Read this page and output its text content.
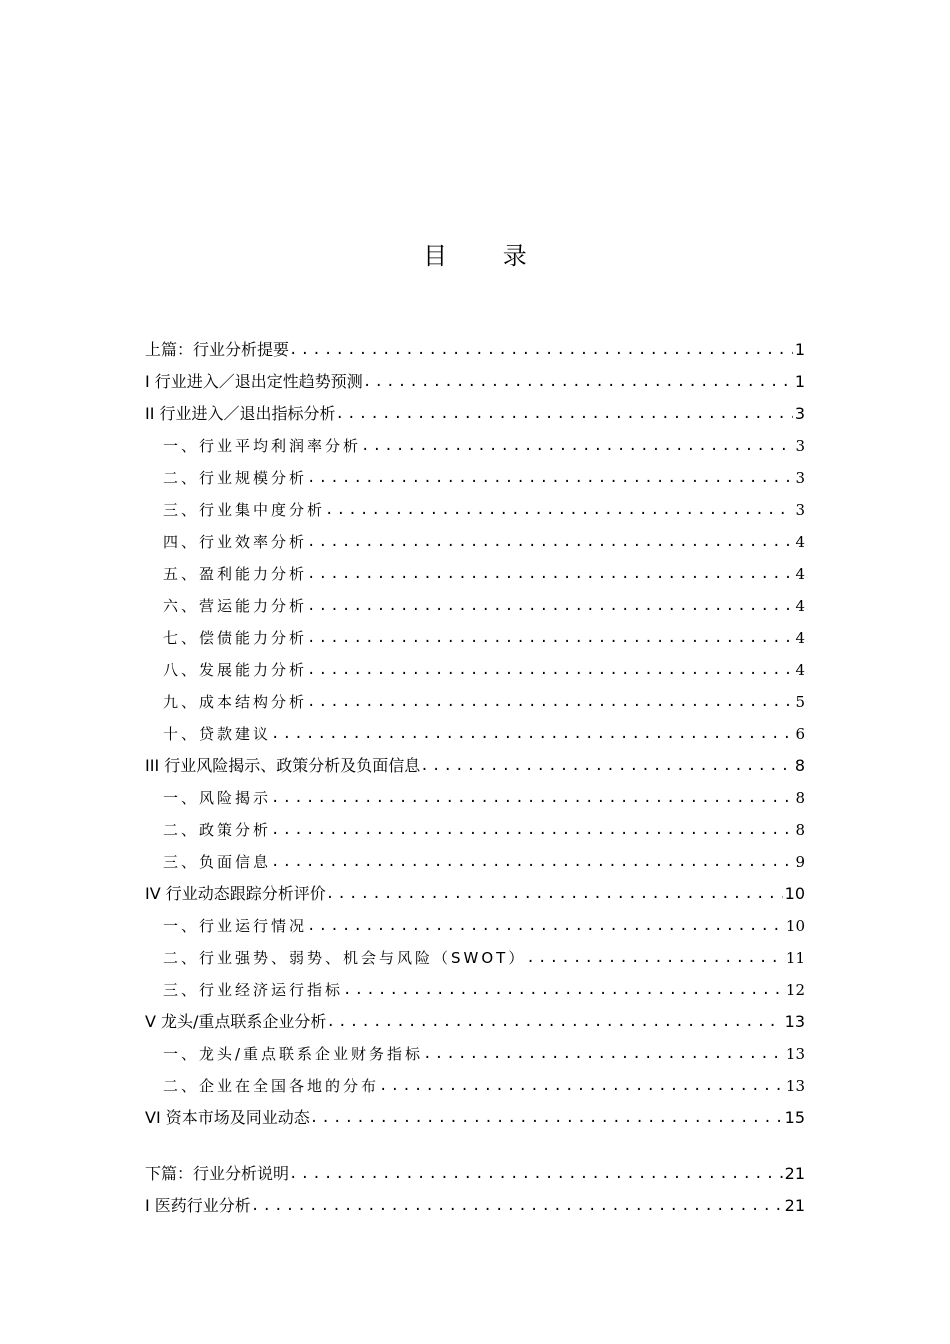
目 录
上篇：行业分析提要 .....	1
I 行业进入／退出定性趋势预测 .....	1
II 行业进入／退出指标分析 .....	3
一、行业平均利润率分析 .....	3
二、行业规模分析 .....	3
三、行业集中度分析 .....	3
四、行业效率分析 .....	4
五、盈利能力分析 .....	4
六、营运能力分析 .....	4
七、偿债能力分析 .....	4
八、发展能力分析 .....	4
九、成本结构分析 .....	5
十、贷款建议 .....	6
III 行业风险揭示、政策分析及负面信息 .....	8
一、风险揭示 .....	8
二、政策分析 .....	8
三、负面信息 .....	9
IV 行业动态跟踪分析评价 .....	10
一、行业运行情况 .....	10
二、行业强势、弱势、机会与风险（SWOT） .....	11
三、行业经济运行指标 .....	12
V 龙头/重点联系企业分析 .....	13
一、龙头/重点联系企业财务指标 .....	13
二、企业在全国各地的分布 .....	13
VI 资本市场及同业动态 .....	15
下篇：行业分析说明 .....	21
I 医药行业分析 .....	21
